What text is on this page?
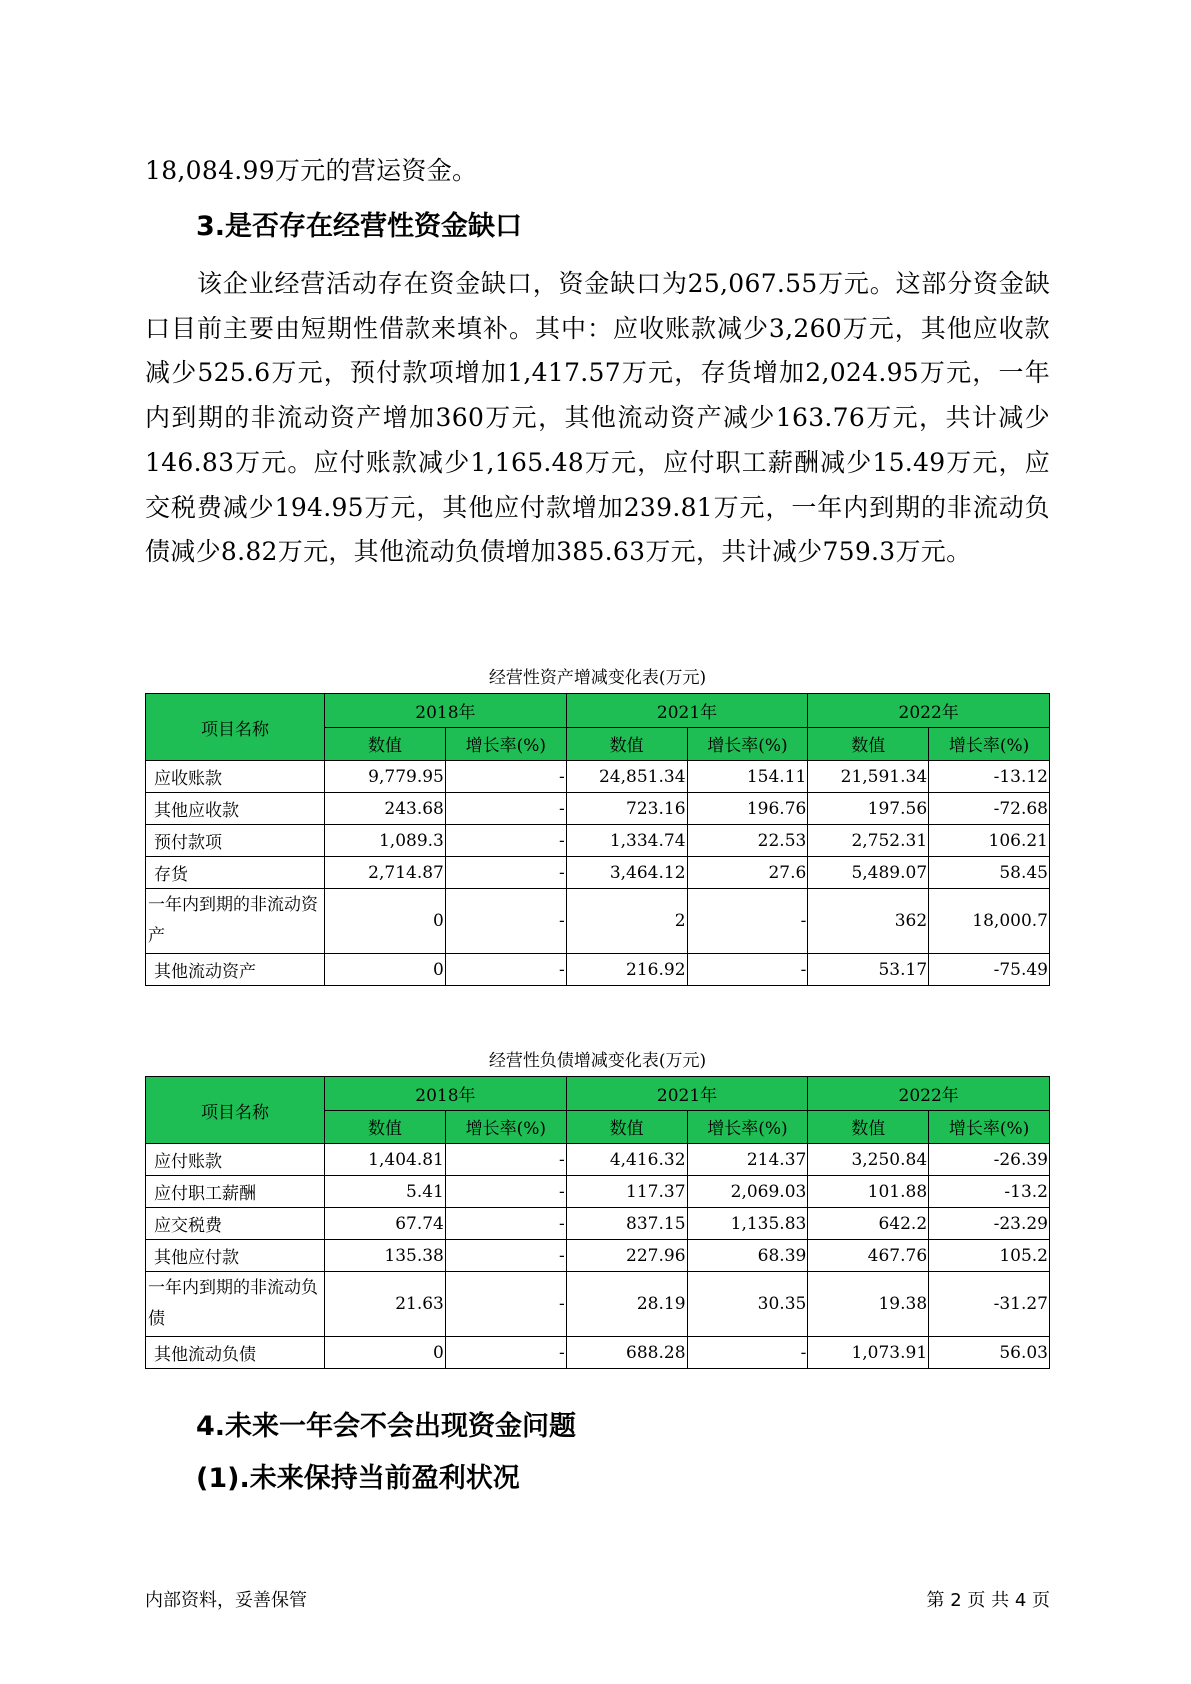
18,084.99万元的营运资金。

3.是否存在经营性资金缺口

该企业经营活动存在资金缺口，资金缺口为25,067.55万元。这部分资金缺口目前主要由短期性借款来填补。其中：应收账款减少3,260万元，其他应收款减少525.6万元，预付款项增加1,417.57万元，存货增加2,024.95万元，一年内到期的非流动资产增加360万元，其他流动资产减少163.76万元，共计减少146.83万元。应付账款减少1,165.48万元，应付职工薪酬减少15.49万元，应交税费减少194.95万元，其他应付款增加239.81万元，一年内到期的非流动负债减少8.82万元，其他流动负债增加385.63万元，共计减少759.3万元。

经营性资产增减变化表(万元)

项目名称	2018年		2021年		2022年	
	数值	增长率(%)	数值	增长率(%)	数值	增长率(%)
应收账款	9,779.95	-	24,851.34	154.11	21,591.34	-13.12
其他应收款	243.68	-	723.16	196.76	197.56	-72.68
预付款项	1,089.3	-	1,334.74	22.53	2,752.31	106.21
存货	2,714.87	-	3,464.12	27.6	5,489.07	58.45
一年内到期的非流动资产	0	-	2	-	362	18,000.7
其他流动资产	0	-	216.92	-	53.17	-75.49

经营性负债增减变化表(万元)

项目名称	2018年		2021年		2022年	
	数值	增长率(%)	数值	增长率(%)	数值	增长率(%)
应付账款	1,404.81	-	4,416.32	214.37	3,250.84	-26.39
应付职工薪酬	5.41	-	117.37	2,069.03	101.88	-13.2
应交税费	67.74	-	837.15	1,135.83	642.2	-23.29
其他应付款	135.38	-	227.96	68.39	467.76	105.2
一年内到期的非流动负债	21.63	-	28.19	30.35	19.38	-31.27
其他流动负债	0	-	688.28	-	1,073.91	56.03
4.未来一年会不会出现资金问题
(1).未来保持当前盈利状况

内部资料，妥善保管	第 2 页 共 4 页
